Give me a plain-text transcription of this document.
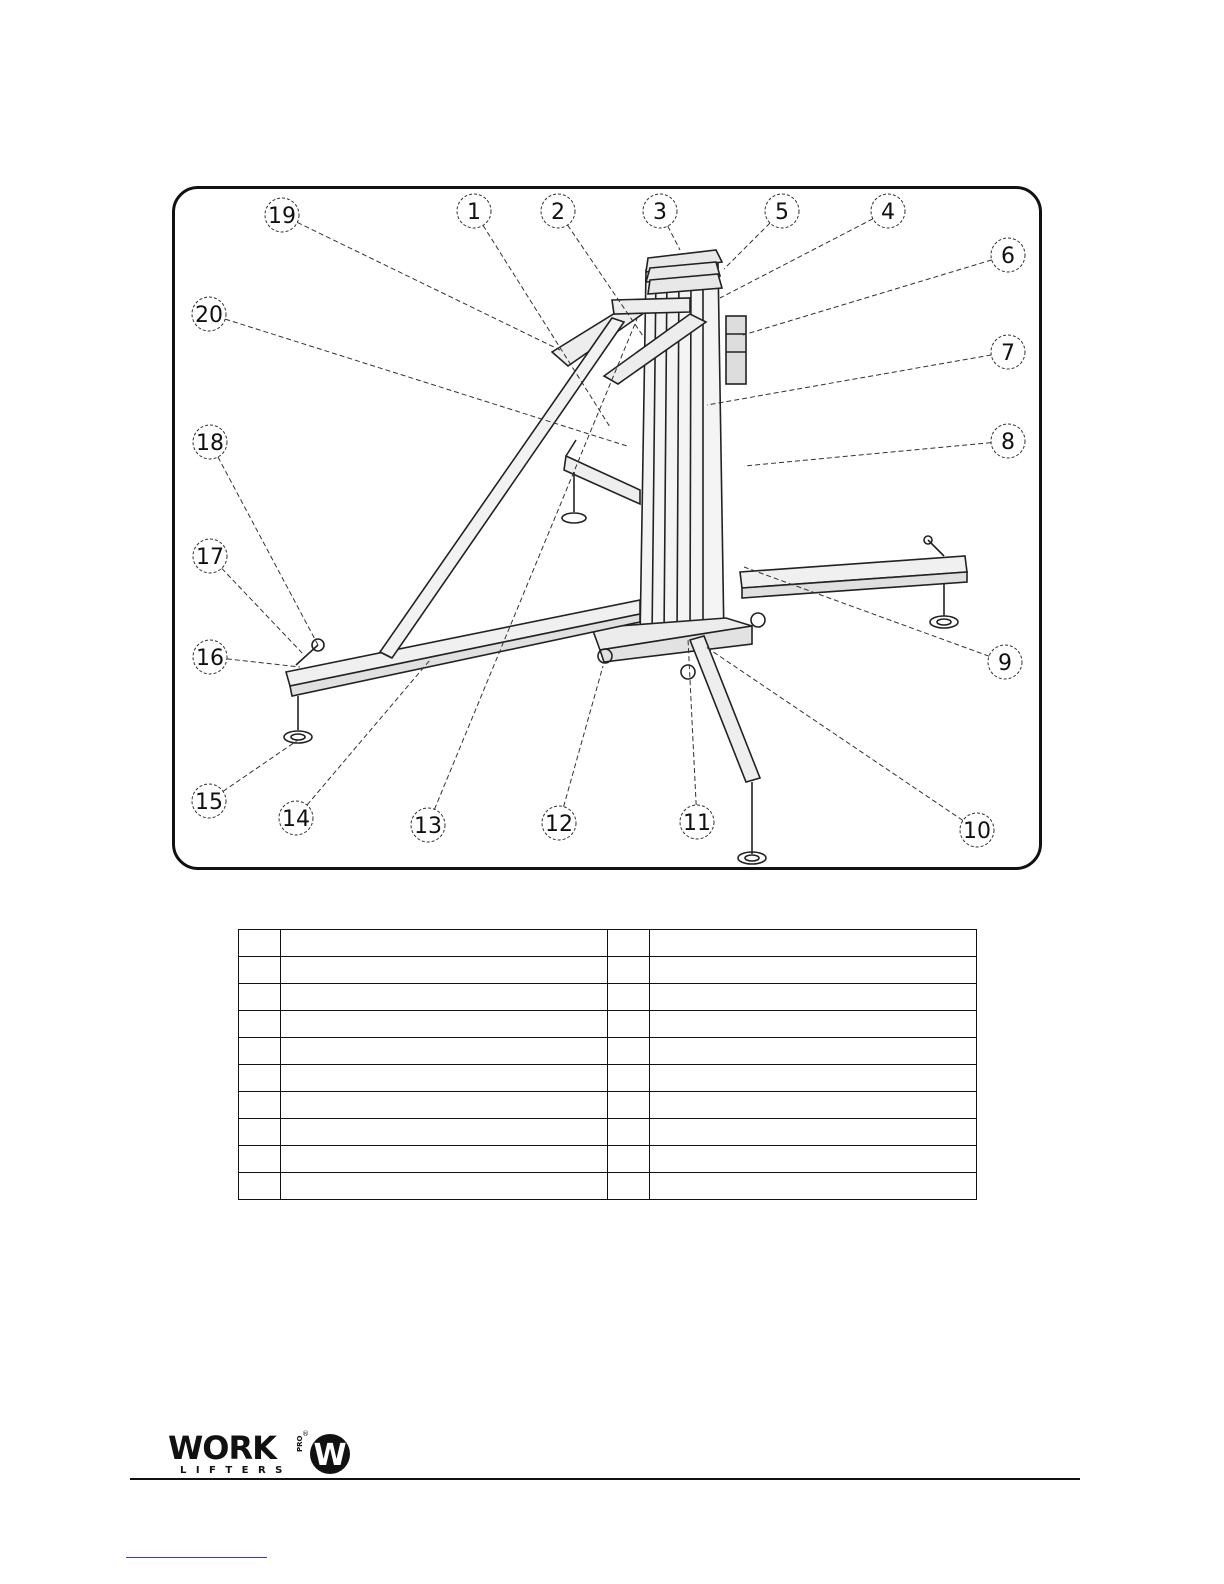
1	2	3	4
5
6
7
8
9
10
11
12
13
14
15
16
17
18
19
20

WORK
L I F T E R S
PRO
®
W
